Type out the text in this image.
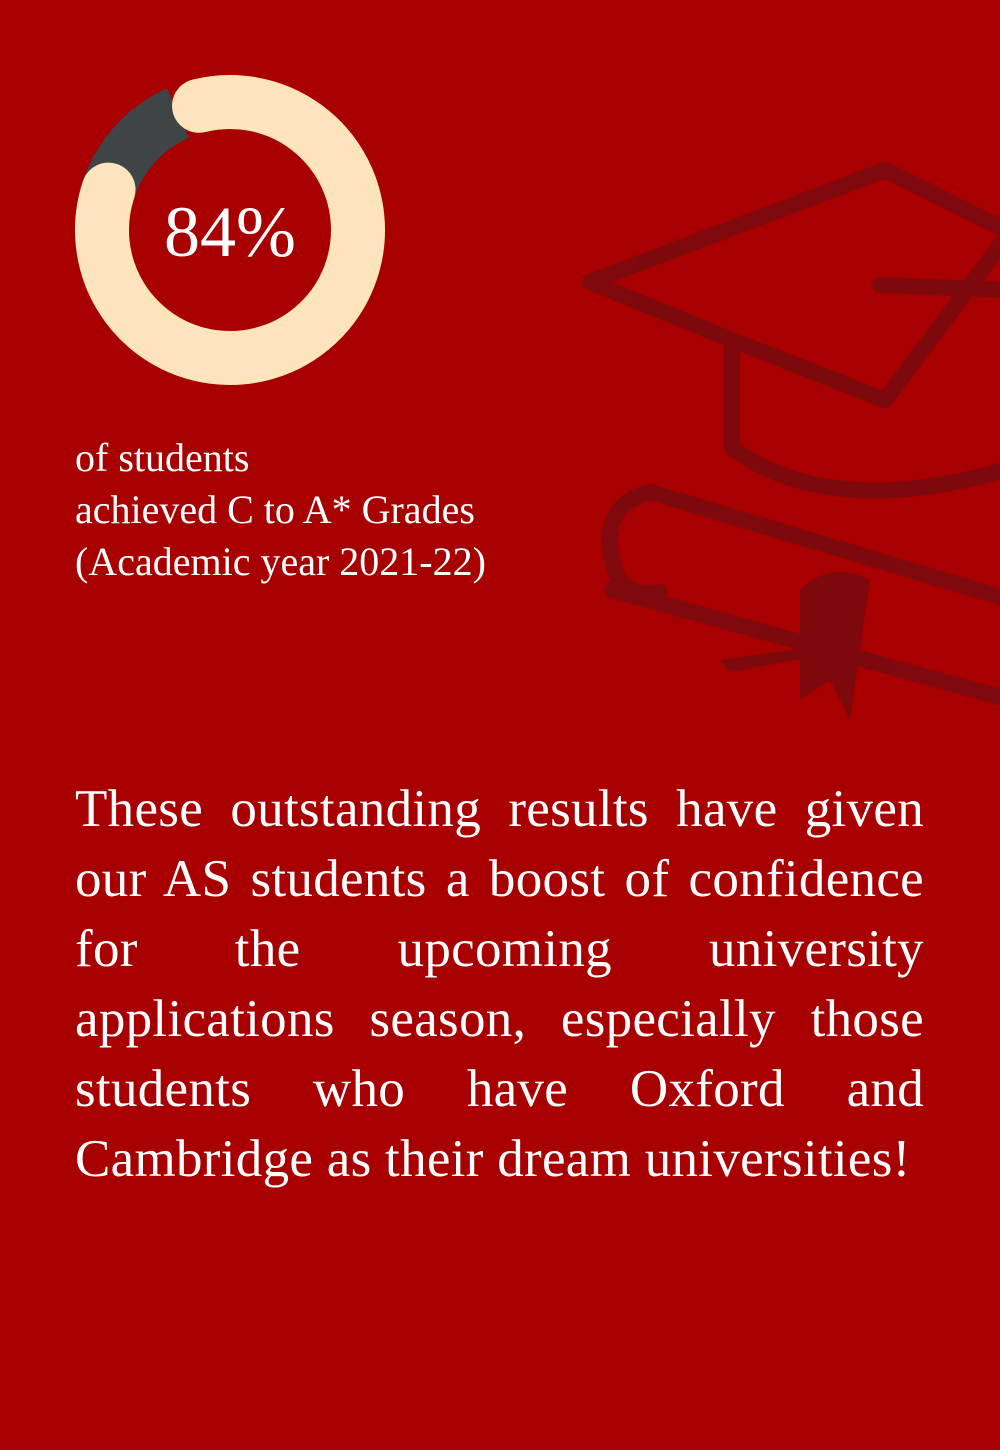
84%

of students
achieved C to A* Grades
(Academic year 2021-22)

These outstanding results have given our AS students a boost of confidence for the upcoming university applications season, especially those students who have Oxford and Cambridge as their dream universities!
